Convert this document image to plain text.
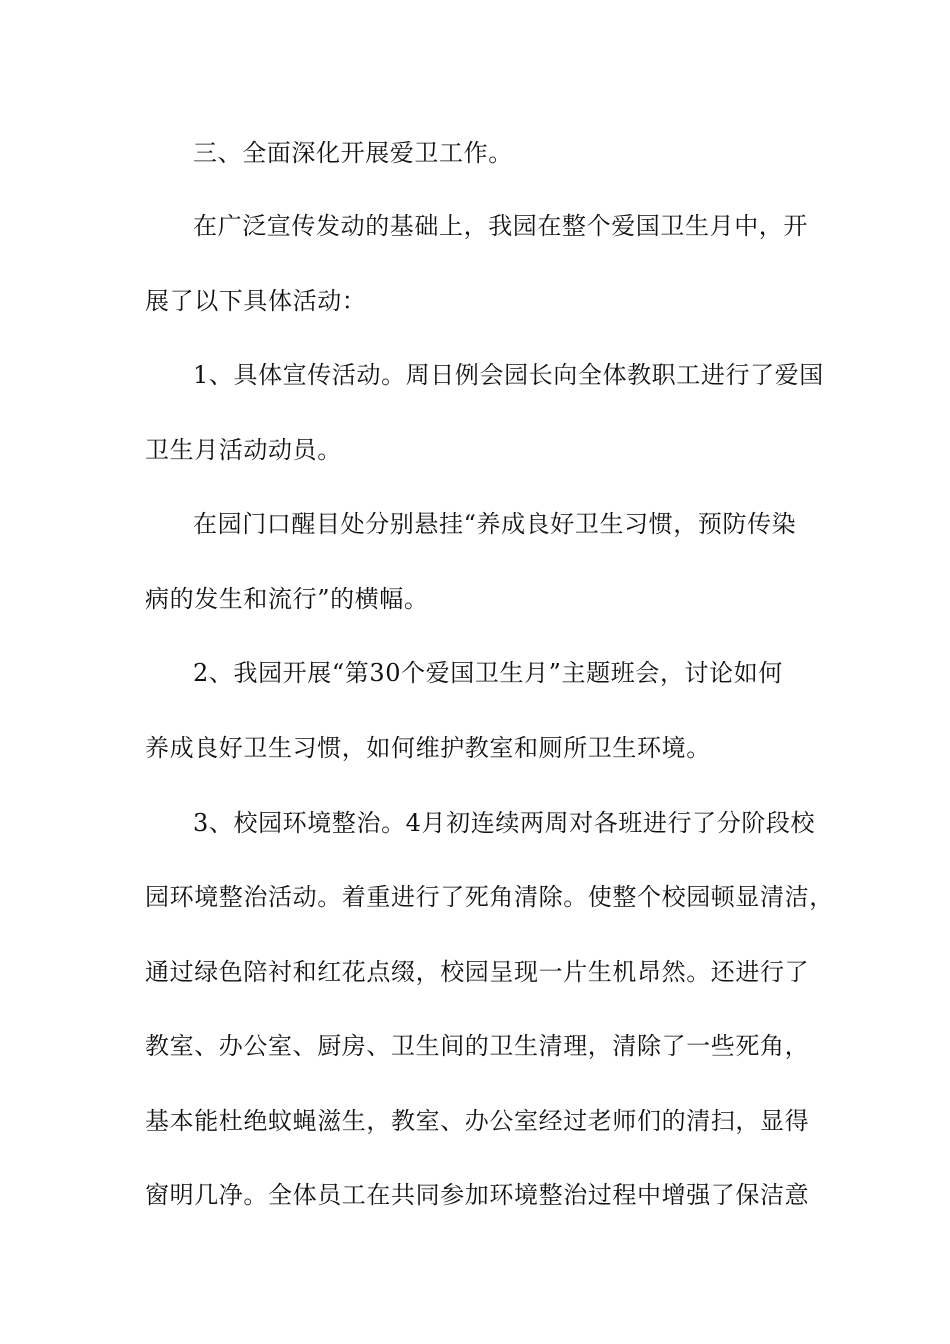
三、全面深化开展爱卫工作。
在广泛宣传发动的基础上，我园在整个爱国卫生月中，开
展了以下具体活动：
1、具体宣传活动。周日例会园长向全体教职工进行了爱国
卫生月活动动员。
在园门口醒目处分别悬挂“养成良好卫生习惯，预防传染
病的发生和流行”的横幅。
2、我园开展“第30个爱国卫生月”主题班会，讨论如何
养成良好卫生习惯，如何维护教室和厕所卫生环境。
3、校园环境整治。4月初连续两周对各班进行了分阶段校
园环境整治活动。着重进行了死角清除。使整个校园顿显清洁，
通过绿色陪衬和红花点缀，校园呈现一片生机昂然。还进行了
教室、办公室、厨房、卫生间的卫生清理，清除了一些死角，
基本能杜绝蚊蝇滋生，教室、办公室经过老师们的清扫，显得
窗明几净。全体员工在共同参加环境整治过程中增强了保洁意
